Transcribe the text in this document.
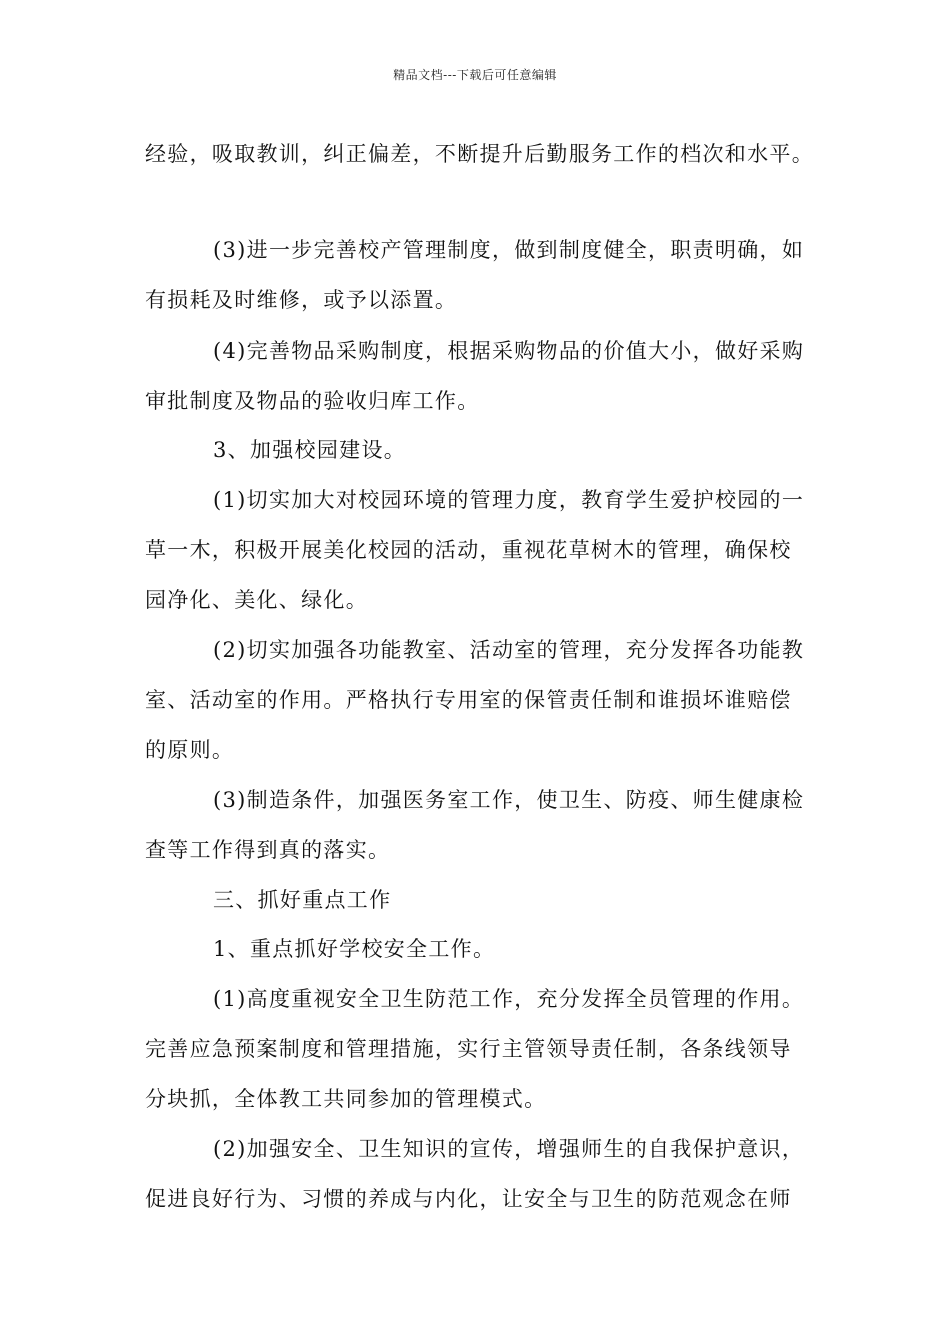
精品文档---下载后可任意编辑
经验，吸取教训，纠正偏差，不断提升后勤服务工作的档次和水平。
(3)进一步完善校产管理制度，做到制度健全，职责明确，如
有损耗及时维修，或予以添置。
(4)完善物品采购制度，根据采购物品的价值大小，做好采购
审批制度及物品的验收归库工作。
3、加强校园建设。
(1)切实加大对校园环境的管理力度，教育学生爱护校园的一
草一木，积极开展美化校园的活动，重视花草树木的管理，确保校
园净化、美化、绿化。
(2)切实加强各功能教室、活动室的管理，充分发挥各功能教
室、活动室的作用。严格执行专用室的保管责任制和谁损坏谁赔偿
的原则。
(3)制造条件，加强医务室工作，使卫生、防疫、师生健康检
查等工作得到真的落实。
三、抓好重点工作
1、重点抓好学校安全工作。
(1)高度重视安全卫生防范工作，充分发挥全员管理的作用。
完善应急预案制度和管理措施，实行主管领导责任制，各条线领导
分块抓，全体教工共同参加的管理模式。
(2)加强安全、卫生知识的宣传，增强师生的自我保护意识，
促进良好行为、习惯的养成与内化，让安全与卫生的防范观念在师
